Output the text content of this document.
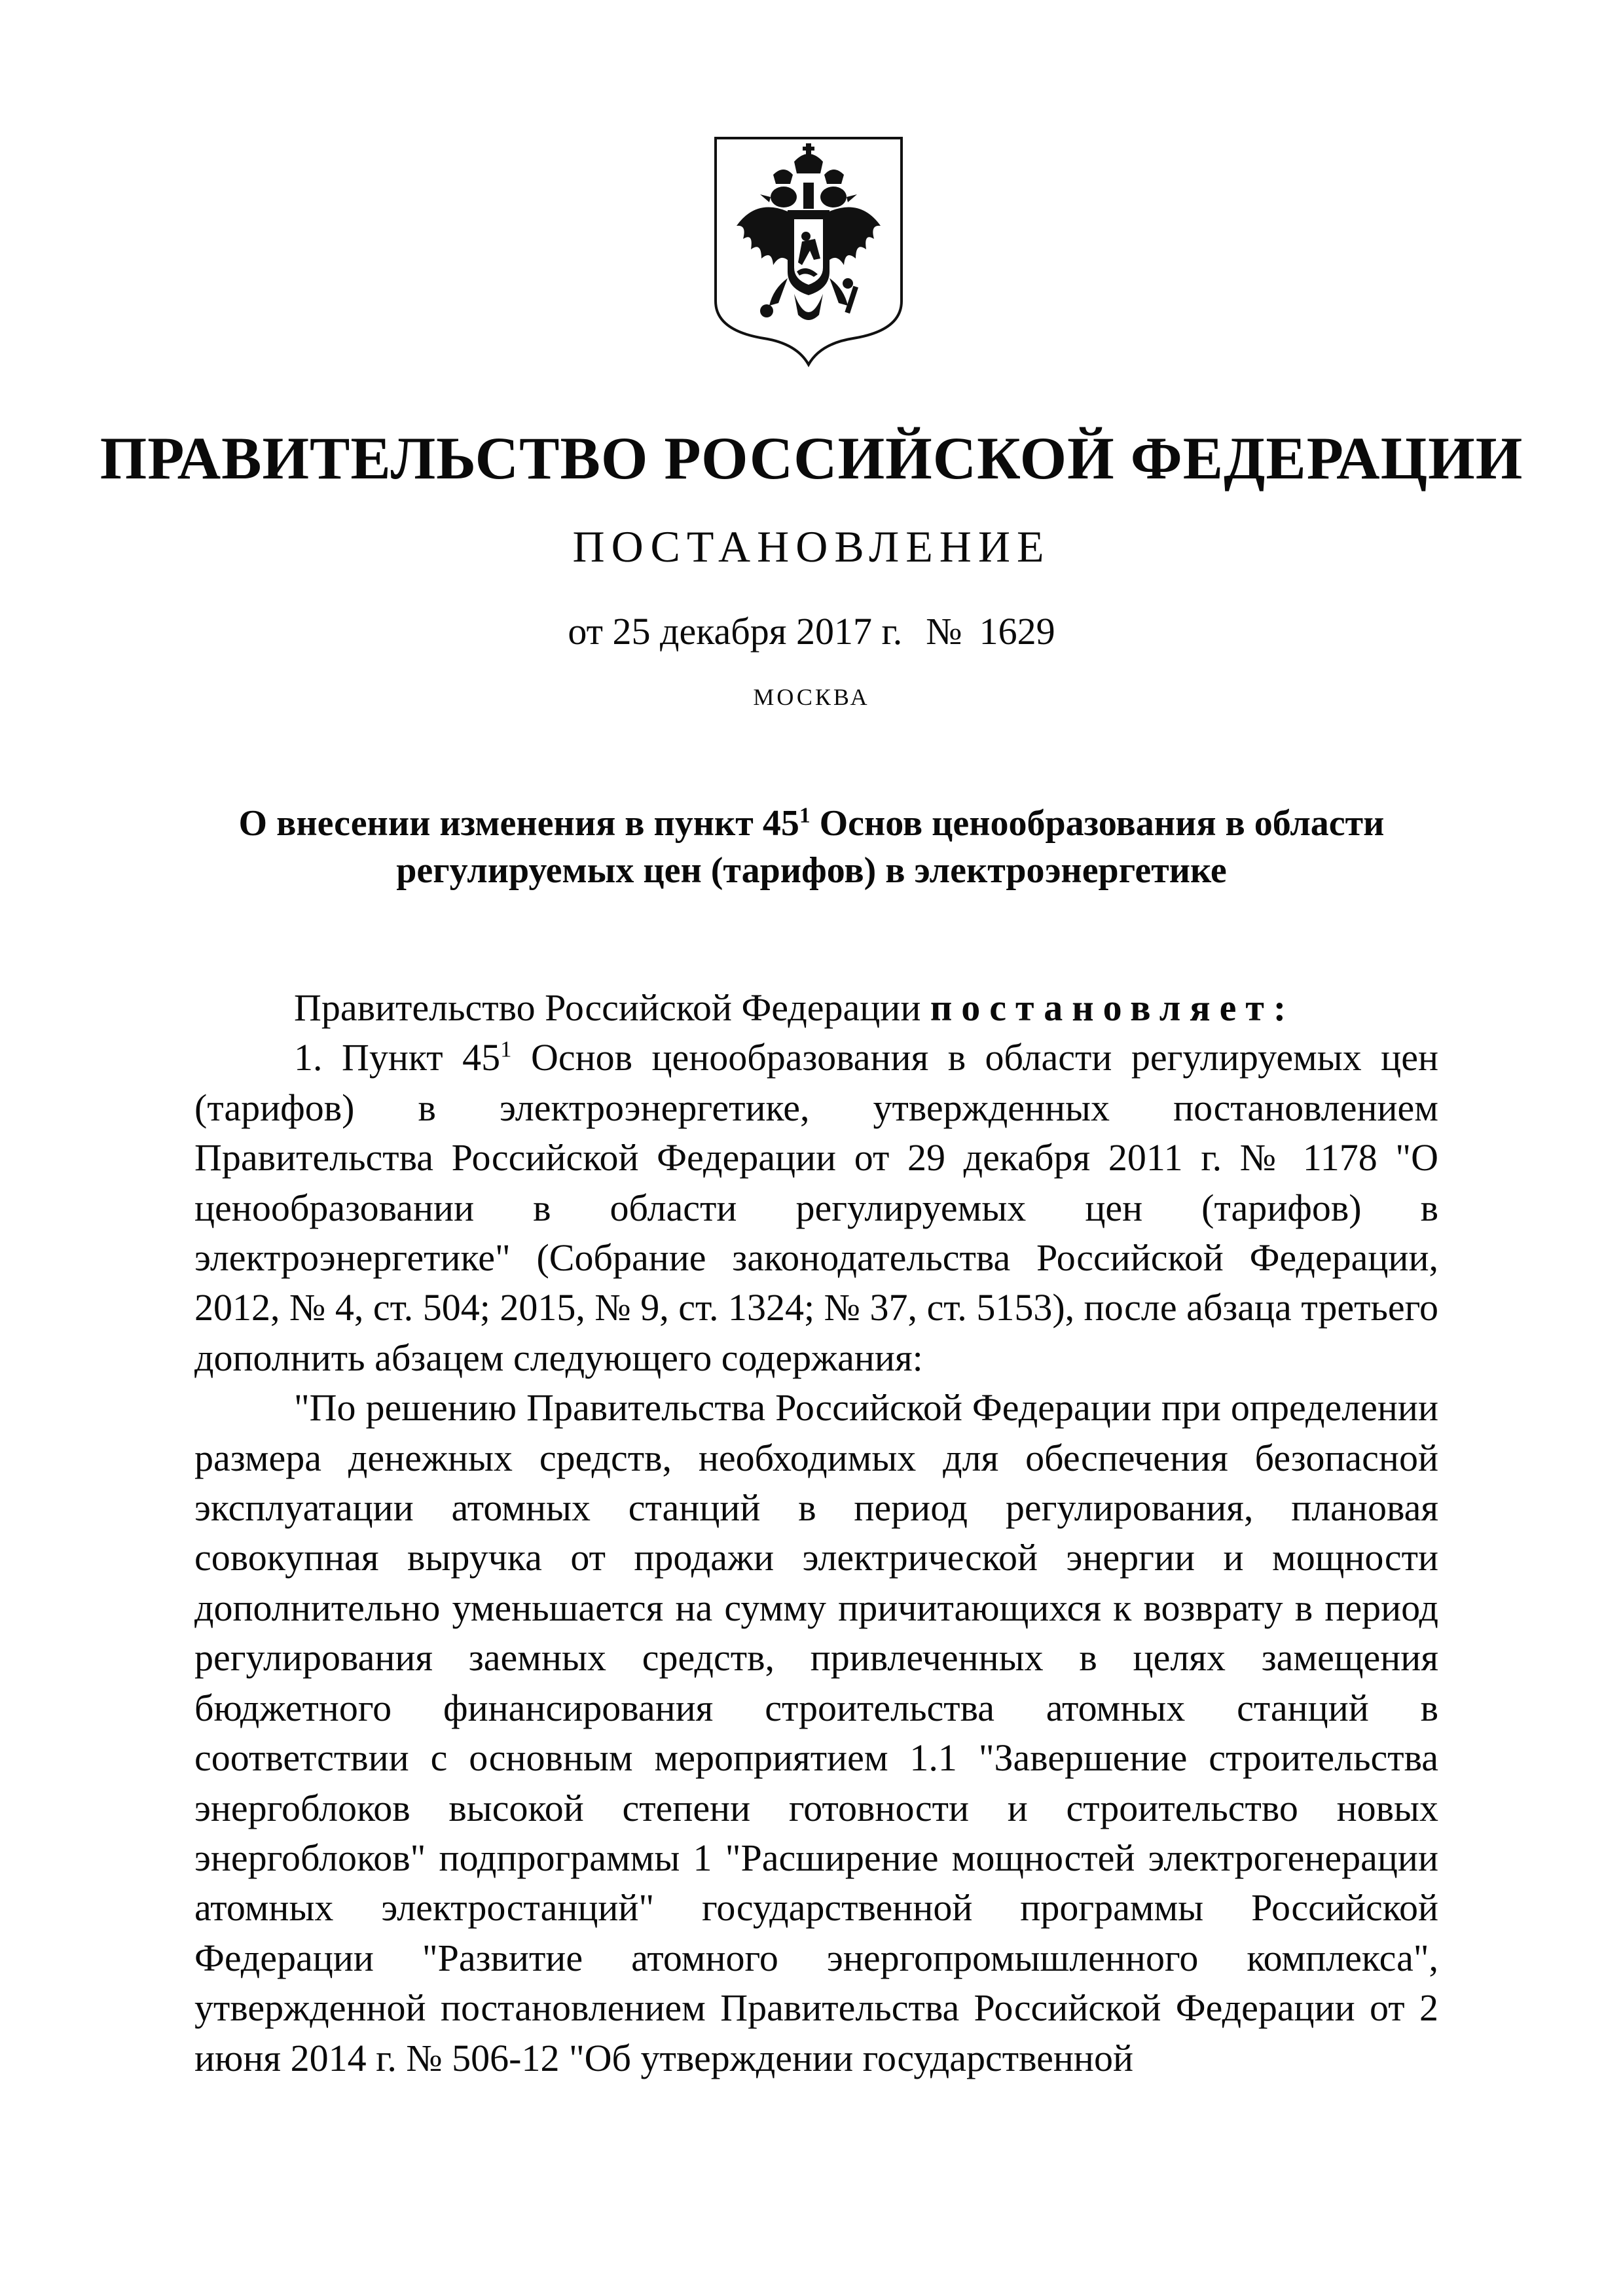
ПРАВИТЕЛЬСТВО РОССИЙСКОЙ ФЕДЕРАЦИИ
ПОСТАНОВЛЕНИЕ
от 25 декабря 2017 г. № 1629
МОСКВА
О внесении изменения в пункт $45^1$ Основ ценообразования в области регулируемых цен (тарифов) в электроэнергетике

Правительство Российской Федерации постановляет:

1. Пункт $45^1$ Основ ценообразования в области регулируемых цен (тарифов) в электроэнергетике, утвержденных постановлением Правительства Российской Федерации от 29 декабря 2011 г. № 1178 "О ценообразовании в области регулируемых цен (тарифов) в электроэнергетике" (Собрание законодательства Российской Федерации, 2012, № 4, ст. 504; 2015, № 9, ст. 1324; № 37, ст. 5153), после абзаца третьего дополнить абзацем следующего содержания:

"По решению Правительства Российской Федерации при определении размера денежных средств, необходимых для обеспечения безопасной эксплуатации атомных станций в период регулирования, плановая совокупная выручка от продажи электрической энергии и мощности дополнительно уменьшается на сумму причитающихся к возврату в период регулирования заемных средств, привлеченных в целях замещения бюджетного финансирования строительства атомных станций в соответствии с основным мероприятием 1.1 "Завершение строительства энергоблоков высокой степени готовности и строительство новых энергоблоков" подпрограммы 1 "Расширение мощностей электрогенерации атомных электростанций" государственной программы Российской Федерации "Развитие атомного энергопромышленного комплекса", утвержденной постановлением Правительства Российской Федерации от 2 июня 2014 г. № 506-12 "Об утверждении государственной
